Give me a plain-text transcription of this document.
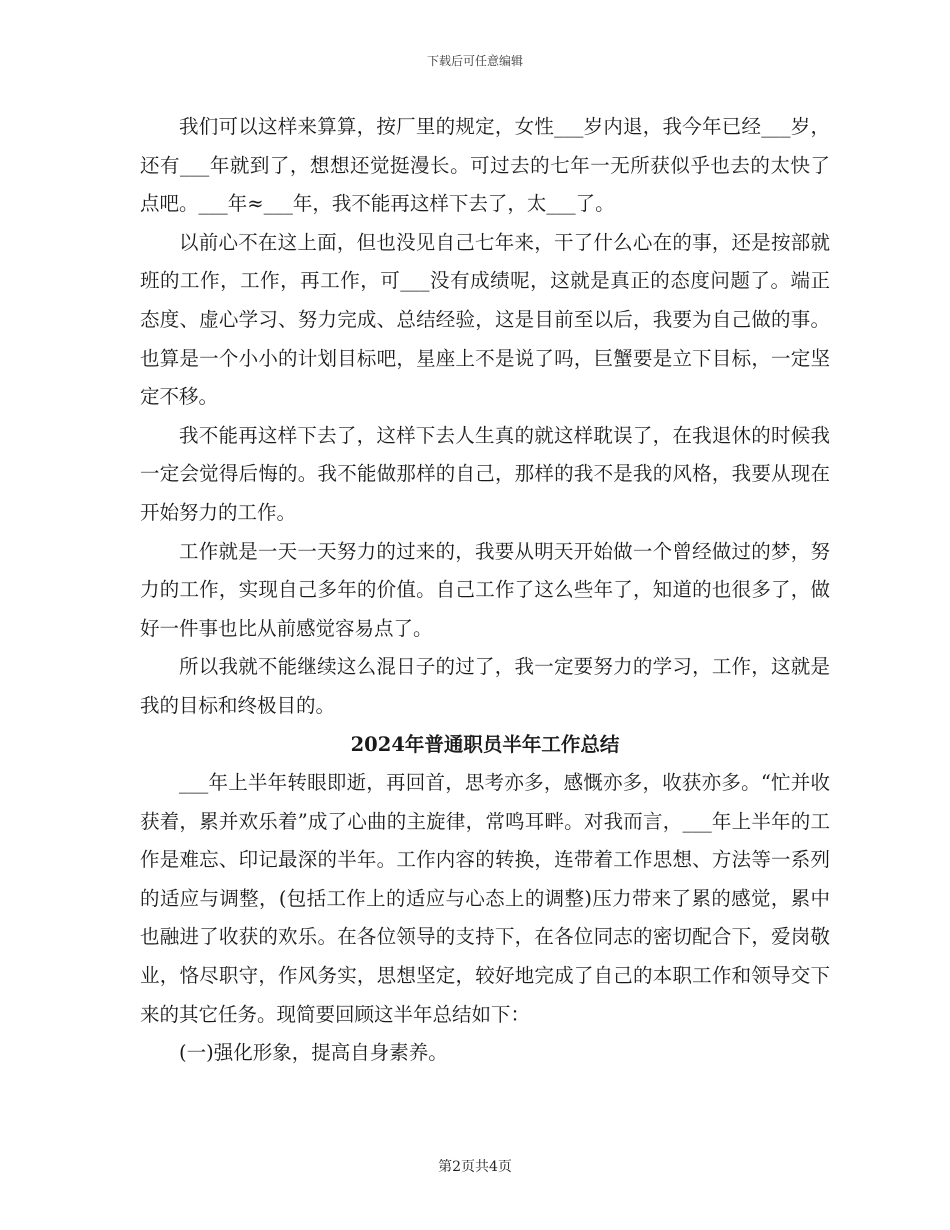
下载后可任意编辑

我们可以这样来算算，按厂里的规定，女性___岁内退，我今年已经___岁，还有___年就到了，想想还觉挺漫长。可过去的七年一无所获似乎也去的太快了点吧。___年≈___年，我不能再这样下去了，太___了。

以前心不在这上面，但也没见自己七年来，干了什么心在的事，还是按部就班的工作，工作，再工作，可___没有成绩呢，这就是真正的态度问题了。端正态度、虚心学习、努力完成、总结经验，这是目前至以后，我要为自己做的事。也算是一个小小的计划目标吧，星座上不是说了吗，巨蟹要是立下目标，一定坚定不移。

我不能再这样下去了，这样下去人生真的就这样耽误了，在我退休的时候我一定会觉得后悔的。我不能做那样的自己，那样的我不是我的风格，我要从现在开始努力的工作。

工作就是一天一天努力的过来的，我要从明天开始做一个曾经做过的梦，努力的工作，实现自己多年的价值。自己工作了这么些年了，知道的也很多了，做好一件事也比从前感觉容易点了。

所以我就不能继续这么混日子的过了，我一定要努力的学习，工作，这就是我的目标和终极目的。

2024年普通职员半年工作总结

___年上半年转眼即逝，再回首，思考亦多，感慨亦多，收获亦多。“忙并收获着，累并欢乐着”成了心曲的主旋律，常鸣耳畔。对我而言，___年上半年的工作是难忘、印记最深的半年。工作内容的转换，连带着工作思想、方法等一系列的适应与调整，(包括工作上的适应与心态上的调整)压力带来了累的感觉，累中也融进了收获的欢乐。在各位领导的支持下，在各位同志的密切配合下，爱岗敬业，恪尽职守，作风务实，思想坚定，较好地完成了自己的本职工作和领导交下来的其它任务。现简要回顾这半年总结如下：

(一)强化形象，提高自身素养。

第2页共4页
